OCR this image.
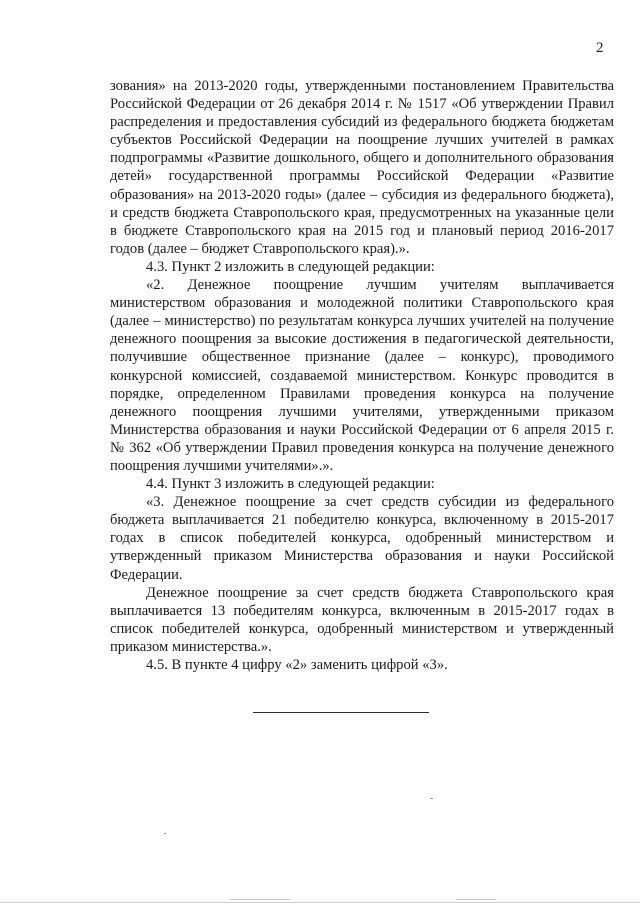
2

зования» на 2013-2020 годы, утвержденными постановлением Правительства Российской Федерации от 26 декабря 2014 г. № 1517 «Об утверждении Правил распределения и предоставления субсидий из федерального бюджета бюджетам субъектов Российской Федерации на поощрение лучших учителей в рамках подпрограммы «Развитие дошкольного, общего и дополнительного образования детей» государственной программы Российской Федерации «Развитие образования» на 2013-2020 годы» (далее – субсидия из федерального бюджета), и средств бюджета Ставропольского края, предусмотренных на указанные цели в бюджете Ставропольского края на 2015 год и плановый период 2016-2017 годов (далее – бюджет Ставропольского края).».

4.3. Пункт 2 изложить в следующей редакции:

«2. Денежное поощрение лучшим учителям выплачивается министерством образования и молодежной политики Ставропольского края (далее – министерство) по результатам конкурса лучших учителей на получение денежного поощрения за высокие достижения в педагогической деятельности, получившие общественное признание (далее – конкурс), проводимого конкурсной комиссией, создаваемой министерством. Конкурс проводится в порядке, определенном Правилами проведения конкурса на получение денежного поощрения лучшими учителями, утвержденными приказом Министерства образования и науки Российской Федерации от 6 апреля 2015 г. № 362 «Об утверждении Правил проведения конкурса на получение денежного поощрения лучшими учителями».».

4.4. Пункт 3 изложить в следующей редакции:

«3. Денежное поощрение за счет средств субсидии из федерального бюджета выплачивается 21 победителю конкурса, включенному в 2015-2017 годах в список победителей конкурса, одобренный министерством и утвержденный приказом Министерства образования и науки Российской Федерации.

Денежное поощрение за счет средств бюджета Ставропольского края выплачивается 13 победителям конкурса, включенным в 2015-2017 годах в список победителей конкурса, одобренный министерством и утвержденный приказом министерства.».

4.5. В пункте 4 цифру «2» заменить цифрой «3».
